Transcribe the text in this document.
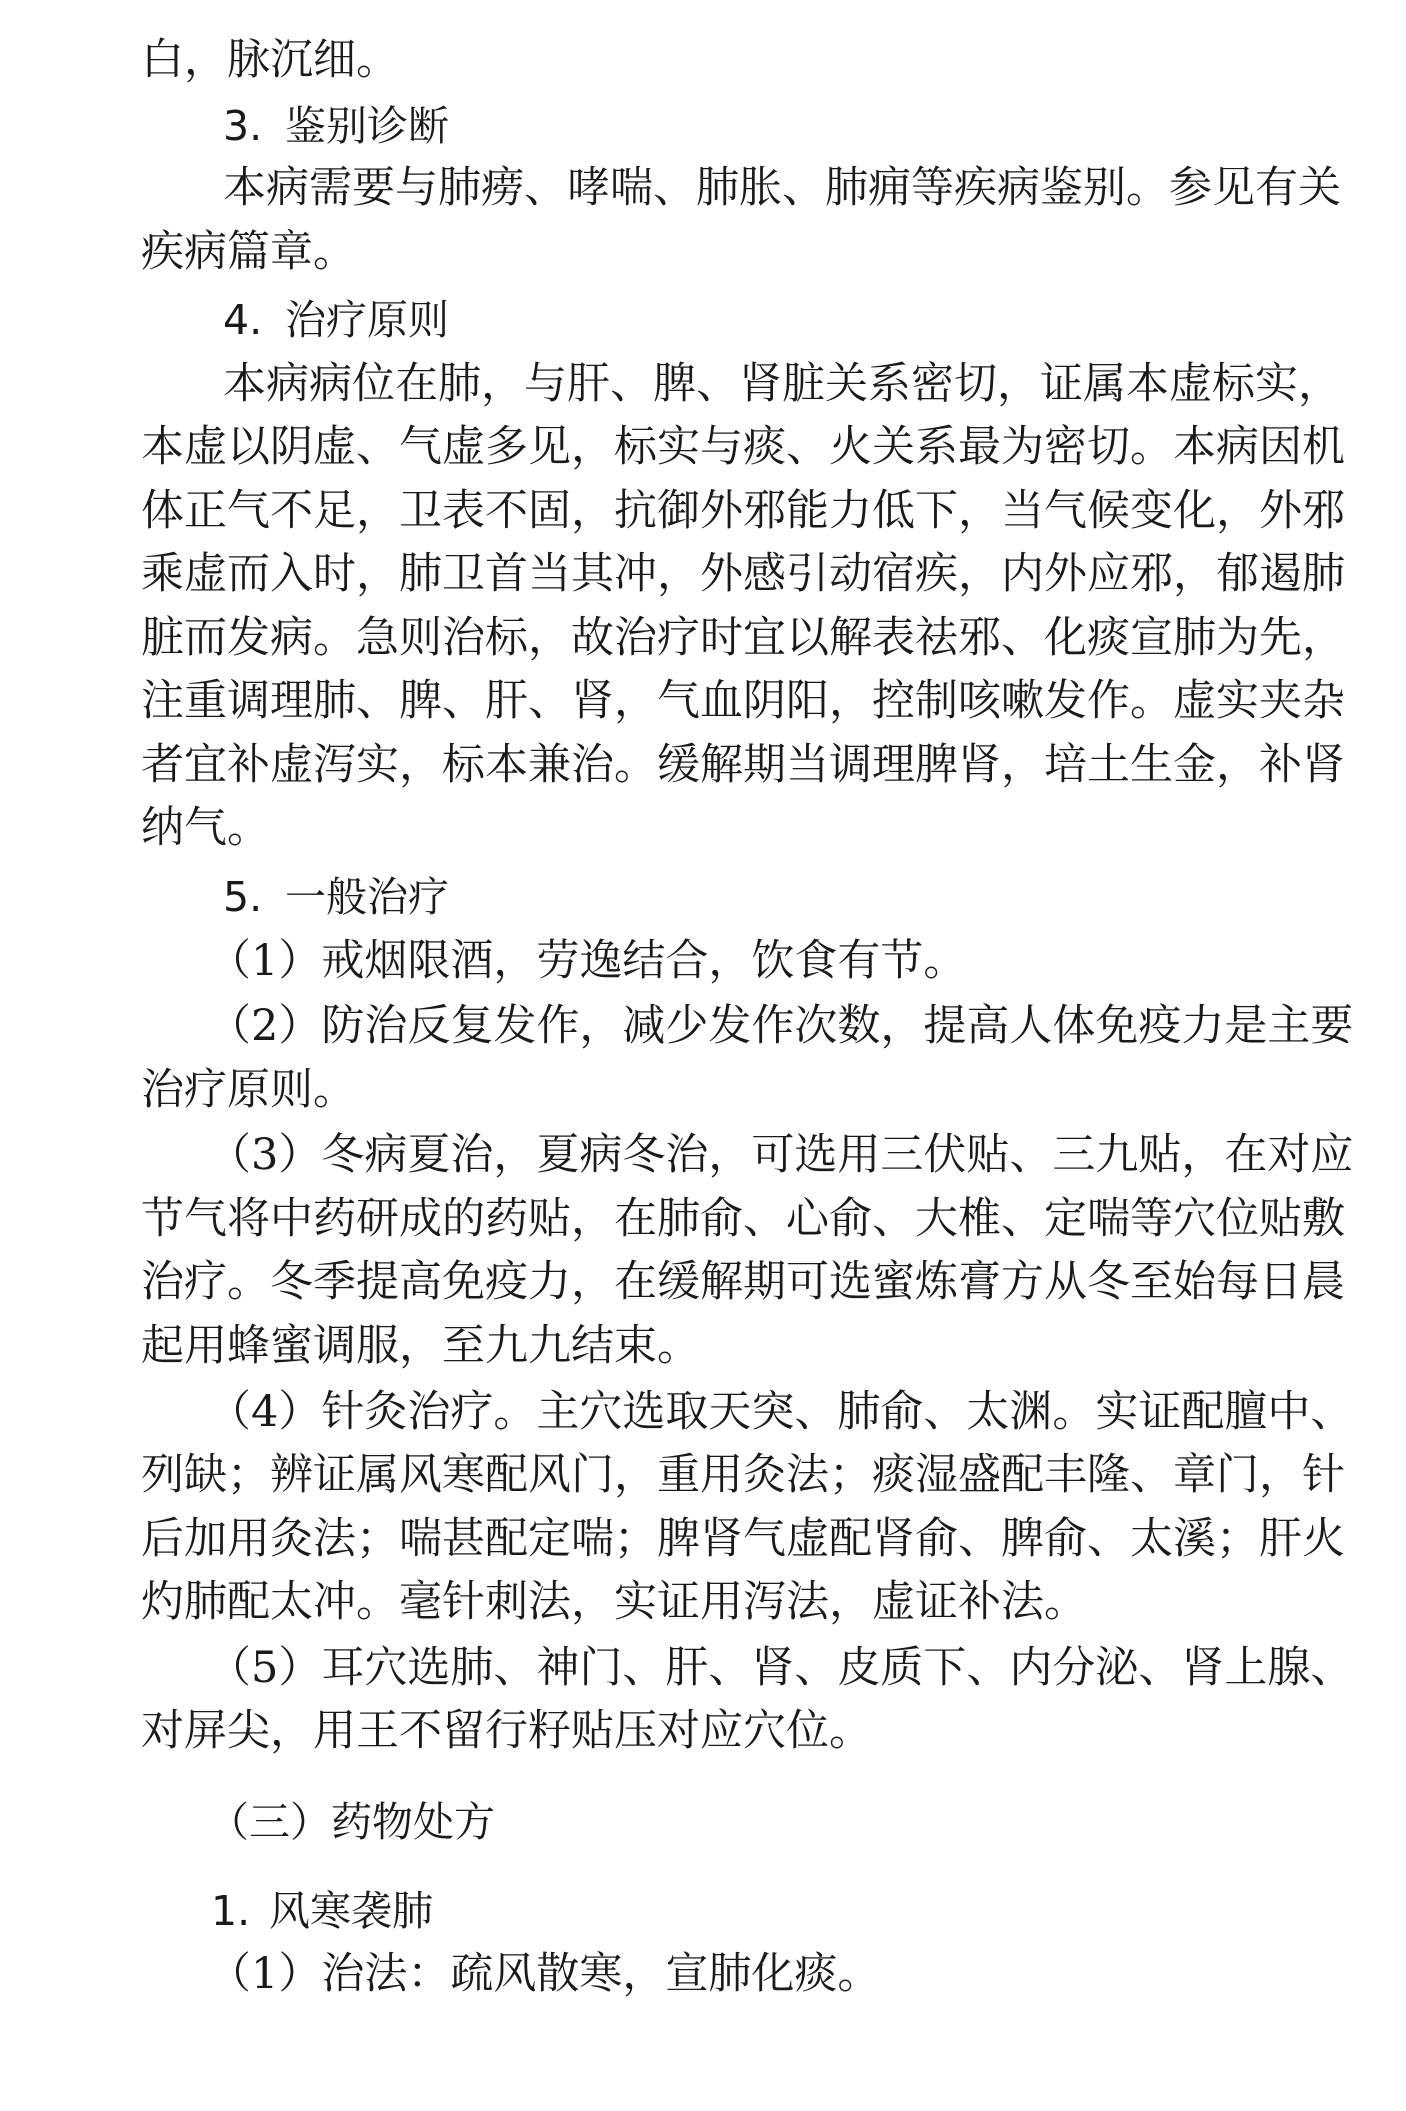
白，脉沉细。

3. 鉴别诊断

本病需要与肺痨、哮喘、肺胀、肺痈等疾病鉴别。参见有关

疾病篇章。

4. 治疗原则

本病病位在肺，与肝、脾、肾脏关系密切，证属本虚标实，

本虚以阴虚、气虚多见，标实与痰、火关系最为密切。本病因机

体正气不足，卫表不固，抗御外邪能力低下，当气候变化，外邪

乘虚而入时，肺卫首当其冲，外感引动宿疾，内外应邪，郁遏肺

脏而发病。急则治标，故治疗时宜以解表祛邪、化痰宣肺为先，

注重调理肺、脾、肝、肾，气血阴阳，控制咳嗽发作。虚实夹杂

者宜补虚泻实，标本兼治。缓解期当调理脾肾，培土生金，补肾

纳气。

5. 一般治疗

（1）戒烟限酒，劳逸结合，饮食有节。

（2）防治反复发作，减少发作次数，提高人体免疫力是主要

治疗原则。

（3）冬病夏治，夏病冬治，可选用三伏贴、三九贴，在对应

节气将中药研成的药贴，在肺俞、心俞、大椎、定喘等穴位贴敷

治疗。冬季提高免疫力，在缓解期可选蜜炼膏方从冬至始每日晨

起用蜂蜜调服，至九九结束。

（4）针灸治疗。主穴选取天突、肺俞、太渊。实证配膻中、

列缺；辨证属风寒配风门，重用灸法；痰湿盛配丰隆、章门，针

后加用灸法；喘甚配定喘；脾肾气虚配肾俞、脾俞、太溪；肝火

灼肺配太冲。毫针刺法，实证用泻法，虚证补法。

（5）耳穴选肺、神门、肝、肾、皮质下、内分泌、肾上腺、

对屏尖，用王不留行籽贴压对应穴位。

（三）药物处方

1. 风寒袭肺

（1）治法：疏风散寒，宣肺化痰。
